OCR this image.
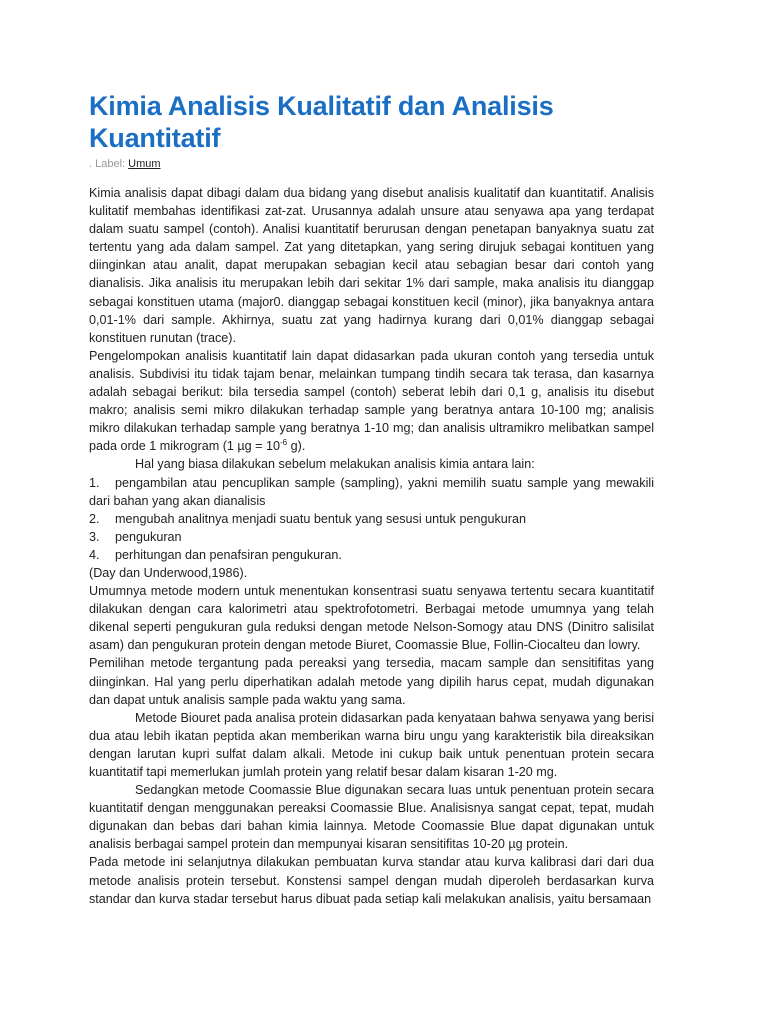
Kimia Analisis Kualitatif dan Analisis Kuantitatif
. Label: Umum

Kimia analisis dapat dibagi dalam dua bidang yang disebut analisis kualitatif dan kuantitatif. Analisis kulitatif membahas identifikasi zat-zat. Urusannya adalah unsure atau senyawa apa yang terdapat dalam suatu sampel (contoh). Analisi kuantitatif berurusan dengan penetapan banyaknya suatu zat tertentu yang ada dalam sampel. Zat yang ditetapkan, yang sering dirujuk sebagai kontituen yang diinginkan atau analit, dapat merupakan sebagian kecil atau sebagian besar dari contoh yang dianalisis. Jika analisis itu merupakan lebih dari sekitar 1% dari sample, maka analisis itu dianggap sebagai konstituen utama (major0. dianggap sebagai konstituen kecil (minor), jika banyaknya antara 0,01-1% dari sample. Akhirnya, suatu zat yang hadirnya kurang dari 0,01% dianggap sebagai konstituen runutan (trace).

Pengelompokan analisis kuantitatif lain dapat didasarkan pada ukuran contoh yang tersedia untuk analisis. Subdivisi itu tidak tajam benar, melainkan tumpang tindih secara tak terasa, dan kasarnya adalah sebagai berikut: bila tersedia sampel (contoh) seberat lebih dari 0,1 g, analisis itu disebut makro; analisis semi mikro dilakukan terhadap sample yang beratnya antara 10-100 mg; analisis mikro dilakukan terhadap sample yang beratnya 1-10 mg; dan analisis ultramikro melibatkan sampel pada orde 1 mikrogram (1 $\mu g = 10^{-6}$ g).

Hal yang biasa dilakukan sebelum melakukan analisis kimia antara lain:

1. pengambilan atau pencuplikan sample (sampling), yakni memilih suatu sample yang mewakili dari bahan yang akan dianalisis

2. mengubah analitnya menjadi suatu bentuk yang sesusi untuk pengukuran

3. pengukuran

4. perhitungan dan penafsiran pengukuran.

(Day dan Underwood,1986).

Umumnya metode modern untuk menentukan konsentrasi suatu senyawa tertentu secara kuantitatif dilakukan dengan cara kalorimetri atau spektrofotometri. Berbagai metode umumnya yang telah dikenal seperti pengukuran gula reduksi dengan metode Nelson-Somogy atau DNS (Dinitro salisilat asam) dan pengukuran protein dengan metode Biuret, Coomassie Blue, Follin-Ciocalteu dan lowry.

Pemilihan metode tergantung pada pereaksi yang tersedia, macam sample dan sensitifitas yang diinginkan. Hal yang perlu diperhatikan adalah metode yang dipilih harus cepat, mudah digunakan dan dapat untuk analisis sample pada waktu yang sama.

Metode Biouret pada analisa protein didasarkan pada kenyataan bahwa senyawa yang berisi dua atau lebih ikatan peptida akan memberikan warna biru ungu yang karakteristik bila direaksikan dengan larutan kupri sulfat dalam alkali. Metode ini cukup baik untuk penentuan protein secara kuantitatif tapi memerlukan jumlah protein yang relatif besar dalam kisaran 1-20 mg.

Sedangkan metode Coomassie Blue digunakan secara luas untuk penentuan protein secara kuantitatif dengan menggunakan pereaksi Coomassie Blue. Analisisnya sangat cepat, tepat, mudah digunakan dan bebas dari bahan kimia lainnya. Metode Coomassie Blue dapat digunakan untuk analisis berbagai sampel protein dan mempunyai kisaran sensitifitas 10-20 µg protein.

Pada metode ini selanjutnya dilakukan pembuatan kurva standar atau kurva kalibrasi dari dari dua metode analisis protein tersebut. Konstensi sampel dengan mudah diperoleh berdasarkan kurva standar dan kurva stadar tersebut harus dibuat pada setiap kali melakukan analisis, yaitu bersamaan
